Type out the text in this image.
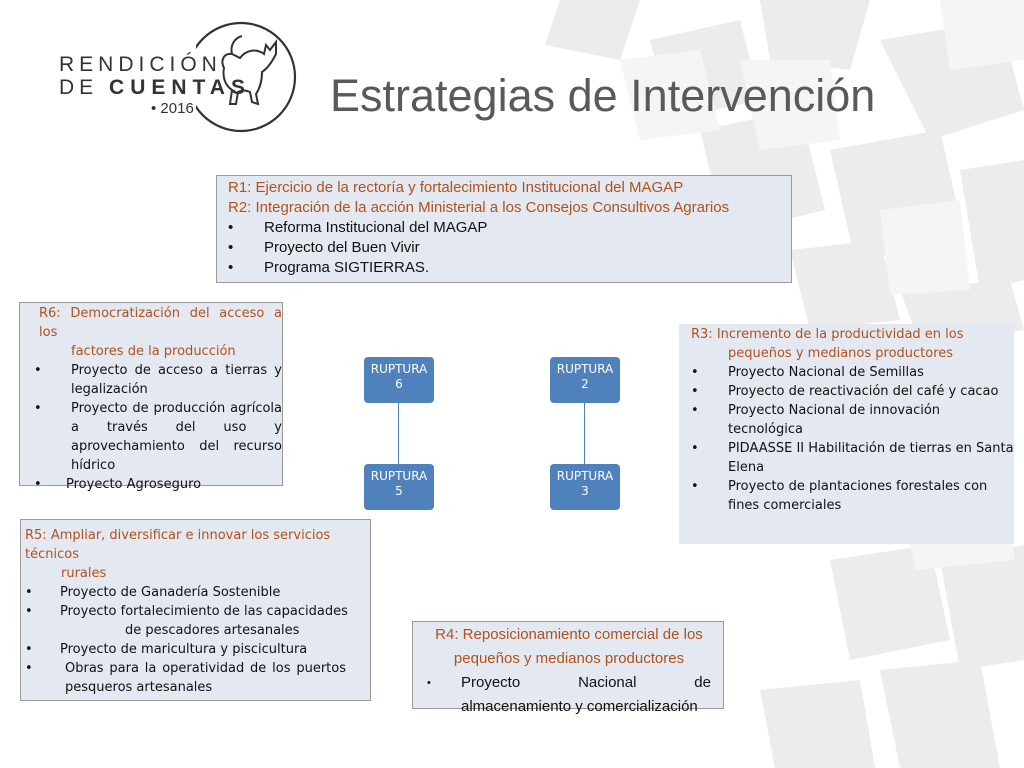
RENDICIÓN
DE CUENTAS
• 2016	Estrategias de Intervención
R1: Ejercicio de la rectoría y fortalecimiento Institucional del MAGAP
R2: Integración de la acción Ministerial a los Consejos Consultivos Agrarios
• Reforma Institucional del MAGAP
• Proyecto del Buen Vivir
• Programa SIGTIERRAS.
R6: Democratización del acceso a los
factores de la producción
• Proyecto de acceso a tierras y legalización
• Proyecto de producción agrícola a través del uso y aprovechamiento del recurso hídrico
• Proyecto Agroseguro
R3: Incremento de la productividad en los
pequeños y medianos productores
• Proyecto Nacional de Semillas
• Proyecto de reactivación del café y cacao
• Proyecto Nacional de innovación tecnológica
• PIDAASSE II Habilitación de tierras en Santa Elena
• Proyecto de plantaciones forestales con fines comerciales
R5: Ampliar, diversificar e innovar los servicios técnicos
rurales
• Proyecto de Ganadería Sostenible
• Proyecto fortalecimiento de las capacidades
de pescadores artesanales
• Proyecto de maricultura y piscicultura
• Obras para la operatividad de los puertos pesqueros artesanales
R4: Reposicionamiento comercial de los pequeños y medianos productores
• Proyecto Nacional de almacenamiento y comercialización
RUPTURA
6
RUPTURA
2
RUPTURA
5
RUPTURA
3
